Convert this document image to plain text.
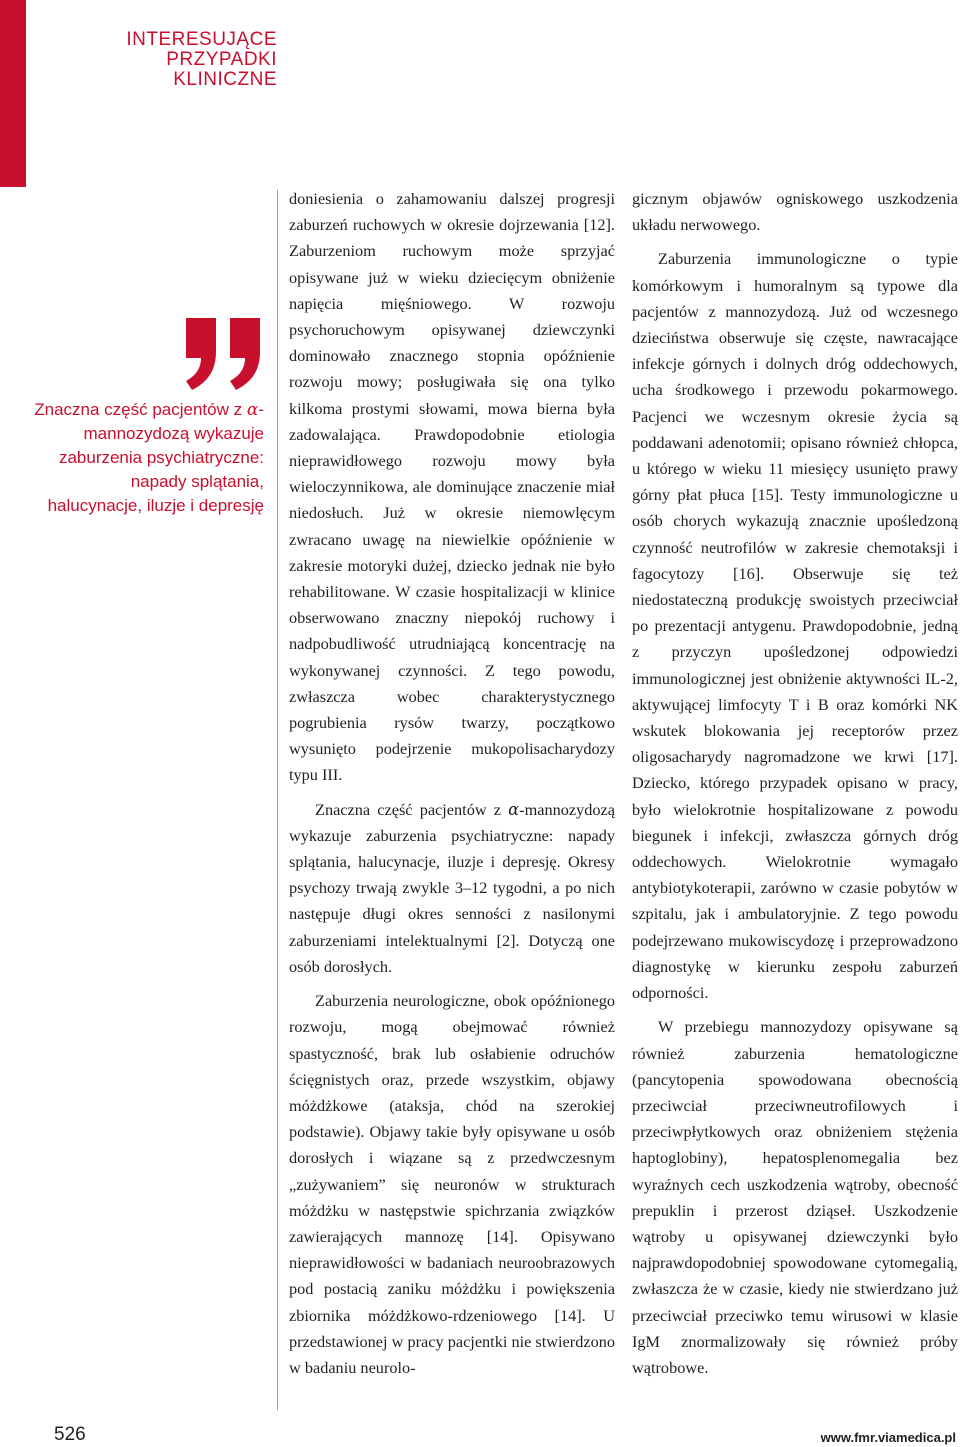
INTERESUJĄCE
PRZYPADKI
KLINICZNE
Znaczna część pacjentów z α-mannozydozą wykazuje zaburzenia psychiatryczne: napady splątania, halucynacje, iluzje i depresję

doniesienia o zahamowaniu dalszej progresji zaburzeń ruchowych w okresie dojrzewania [12]. Zaburzeniom ruchowym może sprzyjać opisywane już w wieku dziecięcym obniżenie napięcia mięśniowego. W rozwoju psychoruchowym opisywanej dziewczynki dominowało znacznego stopnia opóźnienie rozwoju mowy; posługiwała się ona tylko kilkoma prostymi słowami, mowa bierna była zadowalająca. Prawdopodobnie etiologia nieprawidłowego rozwoju mowy była wieloczynnikowa, ale dominujące znaczenie miał niedosłuch. Już w okresie niemowlęcym zwracano uwagę na niewielkie opóźnienie w zakresie motoryki dużej, dziecko jednak nie było rehabilitowane. W czasie hospitalizacji w klinice obserwowano znaczny niepokój ruchowy i nadpobudliwość utrudniającą koncentrację na wykonywanej czynności. Z tego powodu, zwłaszcza wobec charakterystycznego pogrubienia rysów twarzy, początkowo wysunięto podejrzenie mukopolisacharydozy typu III.

Znaczna część pacjentów z α-mannozydozą wykazuje zaburzenia psychiatryczne: napady splątania, halucynacje, iluzje i depresję. Okresy psychozy trwają zwykle 3–12 tygodni, a po nich następuje długi okres senności z nasilonymi zaburzeniami intelektualnymi [2]. Dotyczą one osób dorosłych.

Zaburzenia neurologiczne, obok opóźnionego rozwoju, mogą obejmować również spastyczność, brak lub osłabienie odruchów ścięgnistych oraz, przede wszystkim, objawy móżdżkowe (ataksja, chód na szerokiej podstawie). Objawy takie były opisywane u osób dorosłych i wiązane są z przedwczesnym „zużywaniem” się neuronów w strukturach móżdżku w następstwie spichrzania związków zawierających mannozę [14]. Opisywano nieprawidłowości w badaniach neuroobrazowych pod postacią zaniku móżdżku i powiększenia zbiornika móżdżkowo-rdzeniowego [14]. U przedstawionej w pracy pacjentki nie stwierdzono w badaniu neurolo-

gicznym objawów ogniskowego uszkodzenia układu nerwowego.

Zaburzenia immunologiczne o typie komórkowym i humoralnym są typowe dla pacjentów z mannozydozą. Już od wczesnego dzieciństwa obserwuje się częste, nawracające infekcje górnych i dolnych dróg oddechowych, ucha środkowego i przewodu pokarmowego. Pacjenci we wczesnym okresie życia są poddawani adenotomii; opisano również chłopca, u którego w wieku 11 miesięcy usunięto prawy górny płat płuca [15]. Testy immunologiczne u osób chorych wykazują znacznie upośledzoną czynność neutrofilów w zakresie chemotaksji i fagocytozy [16]. Obserwuje się też niedostateczną produkcję swoistych przeciwciał po prezentacji antygenu. Prawdopodobnie, jedną z przyczyn upośledzonej odpowiedzi immunologicznej jest obniżenie aktywności IL-2, aktywującej limfocyty T i B oraz komórki NK wskutek blokowania jej receptorów przez oligosacharydy nagromadzone we krwi [17]. Dziecko, którego przypadek opisano w pracy, było wielokrotnie hospitalizowane z powodu biegunek i infekcji, zwłaszcza górnych dróg oddechowych. Wielokrotnie wymagało antybiotykoterapii, zarówno w czasie pobytów w szpitalu, jak i ambulatoryjnie. Z tego powodu podejrzewano mukowiscydozę i przeprowadzono diagnostykę w kierunku zespołu zaburzeń odporności.

W przebiegu mannozydozy opisywane są również zaburzenia hematologiczne (pancytopenia spowodowana obecnością przeciwciał przeciwneutrofilowych i przeciwpłytkowych oraz obniżeniem stężenia haptoglobiny), hepatosplenomegalia bez wyraźnych cech uszkodzenia wątroby, obecność prepuklin i przerost dziąseł. Uszkodzenie wątroby u opisywanej dziewczynki było najprawdopodobniej spowodowane cytomegalią, zwłaszcza że w czasie, kiedy nie stwierdzano już przeciwciał przeciwko temu wirusowi w klasie IgM znormalizowały się również próby wątrobowe.

526	www.fmr.viamedica.pl
